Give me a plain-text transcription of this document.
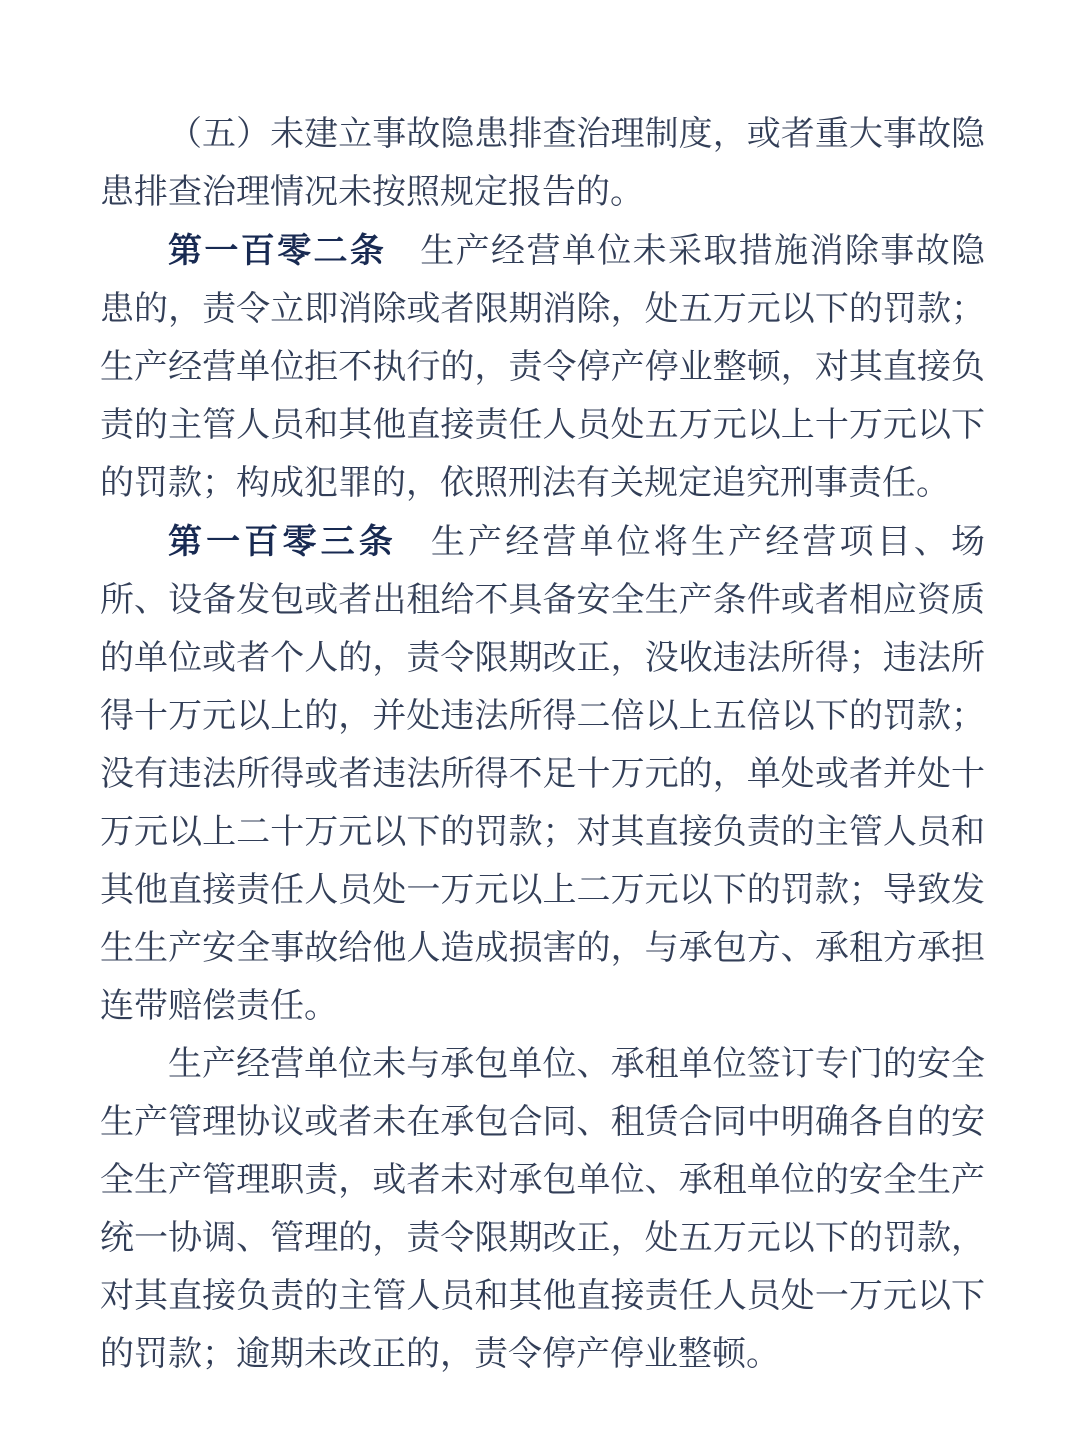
（五）未建立事故隐患排查治理制度，或者重大事故隐患排查治理情况未按照规定报告的。

第一百零二条 生产经营单位未采取措施消除事故隐患的，责令立即消除或者限期消除，处五万元以下的罚款；生产经营单位拒不执行的，责令停产停业整顿，对其直接负责的主管人员和其他直接责任人员处五万元以上十万元以下的罚款；构成犯罪的，依照刑法有关规定追究刑事责任。

第一百零三条 生产经营单位将生产经营项目、场所、设备发包或者出租给不具备安全生产条件或者相应资质的单位或者个人的，责令限期改正，没收违法所得；违法所得十万元以上的，并处违法所得二倍以上五倍以下的罚款；没有违法所得或者违法所得不足十万元的，单处或者并处十万元以上二十万元以下的罚款；对其直接负责的主管人员和其他直接责任人员处一万元以上二万元以下的罚款；导致发生生产安全事故给他人造成损害的，与承包方、承租方承担连带赔偿责任。

生产经营单位未与承包单位、承租单位签订专门的安全生产管理协议或者未在承包合同、租赁合同中明确各自的安全生产管理职责，或者未对承包单位、承租单位的安全生产统一协调、管理的，责令限期改正，处五万元以下的罚款，对其直接负责的主管人员和其他直接责任人员处一万元以下的罚款；逾期未改正的，责令停产停业整顿。
